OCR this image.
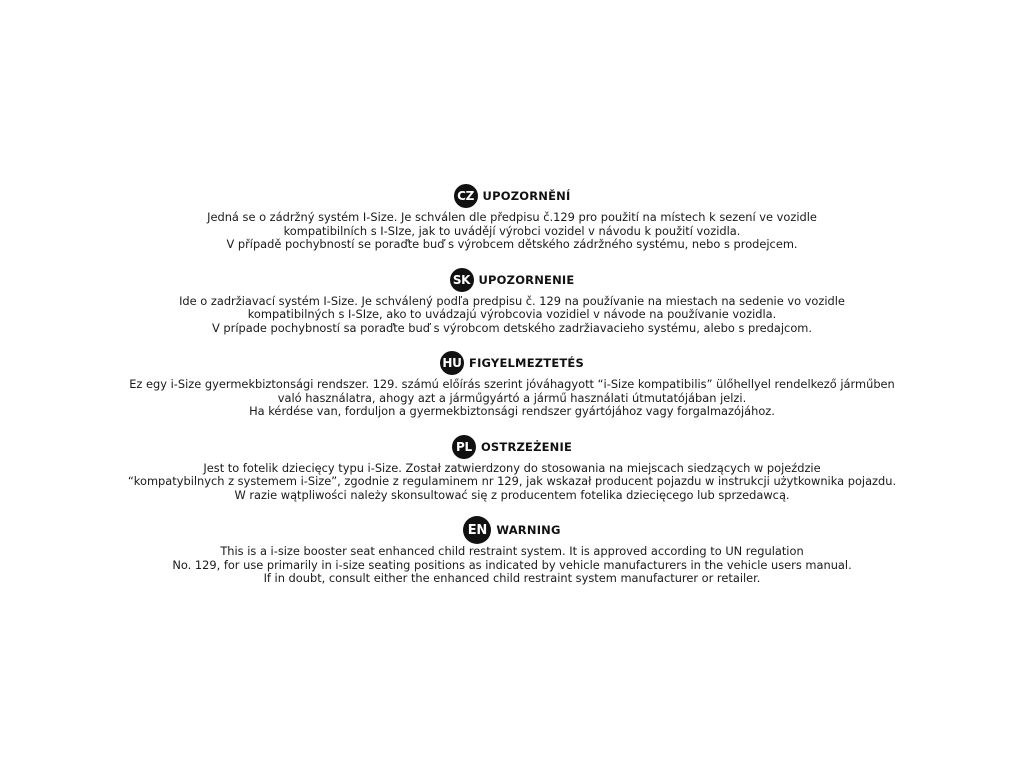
CZ UPOZORNĚNÍ
Jedná se o zádržný systém I-Size. Je schválen dle předpisu č.129 pro použití na místech k sezení ve vozidle
kompatibilních s I-SIze, jak to uvádějí výrobci vozidel v návodu k použití vozidla.
V případě pochybností se poraďte buď s výrobcem dětského zádržného systému, nebo s prodejcem.
SK UPOZORNENIE
Ide o zadržiavací systém I-Size. Je schválený podľa predpisu č. 129 na používanie na miestach na sedenie vo vozidle
kompatibilných s I-SIze, ako to uvádzajú výrobcovia vozidiel v návode na používanie vozidla.
V prípade pochybností sa poraďte buď s výrobcom detského zadržiavacieho systému, alebo s predajcom.
HU FIGYELMEZTETÉS
Ez egy i-Size gyermekbiztonsági rendszer. 129. számú előírás szerint jóváhagyott “i-Size kompatibilis” ülőhellyel rendelkező járműben
való használatra, ahogy azt a járműgyártó a jármű használati útmutatójában jelzi.
Ha kérdése van, forduljon a gyermekbiztonsági rendszer gyártójához vagy forgalmazójához.
PL OSTRZEŻENIE
Jest to fotelik dziecięcy typu i-Size. Został zatwierdzony do stosowania na miejscach siedzących w pojeździe
“kompatybilnych z systemem i-Size”, zgodnie z regulaminem nr 129, jak wskazał producent pojazdu w instrukcji użytkownika pojazdu.
W razie wątpliwości należy skonsultować się z producentem fotelika dziecięcego lub sprzedawcą.
EN WARNING
This is a i-size booster seat enhanced child restraint system. It is approved according to UN regulation
No. 129, for use primarily in i-size seating positions as indicated by vehicle manufacturers in the vehicle users manual.
If in doubt, consult either the enhanced child restraint system manufacturer or retailer.
